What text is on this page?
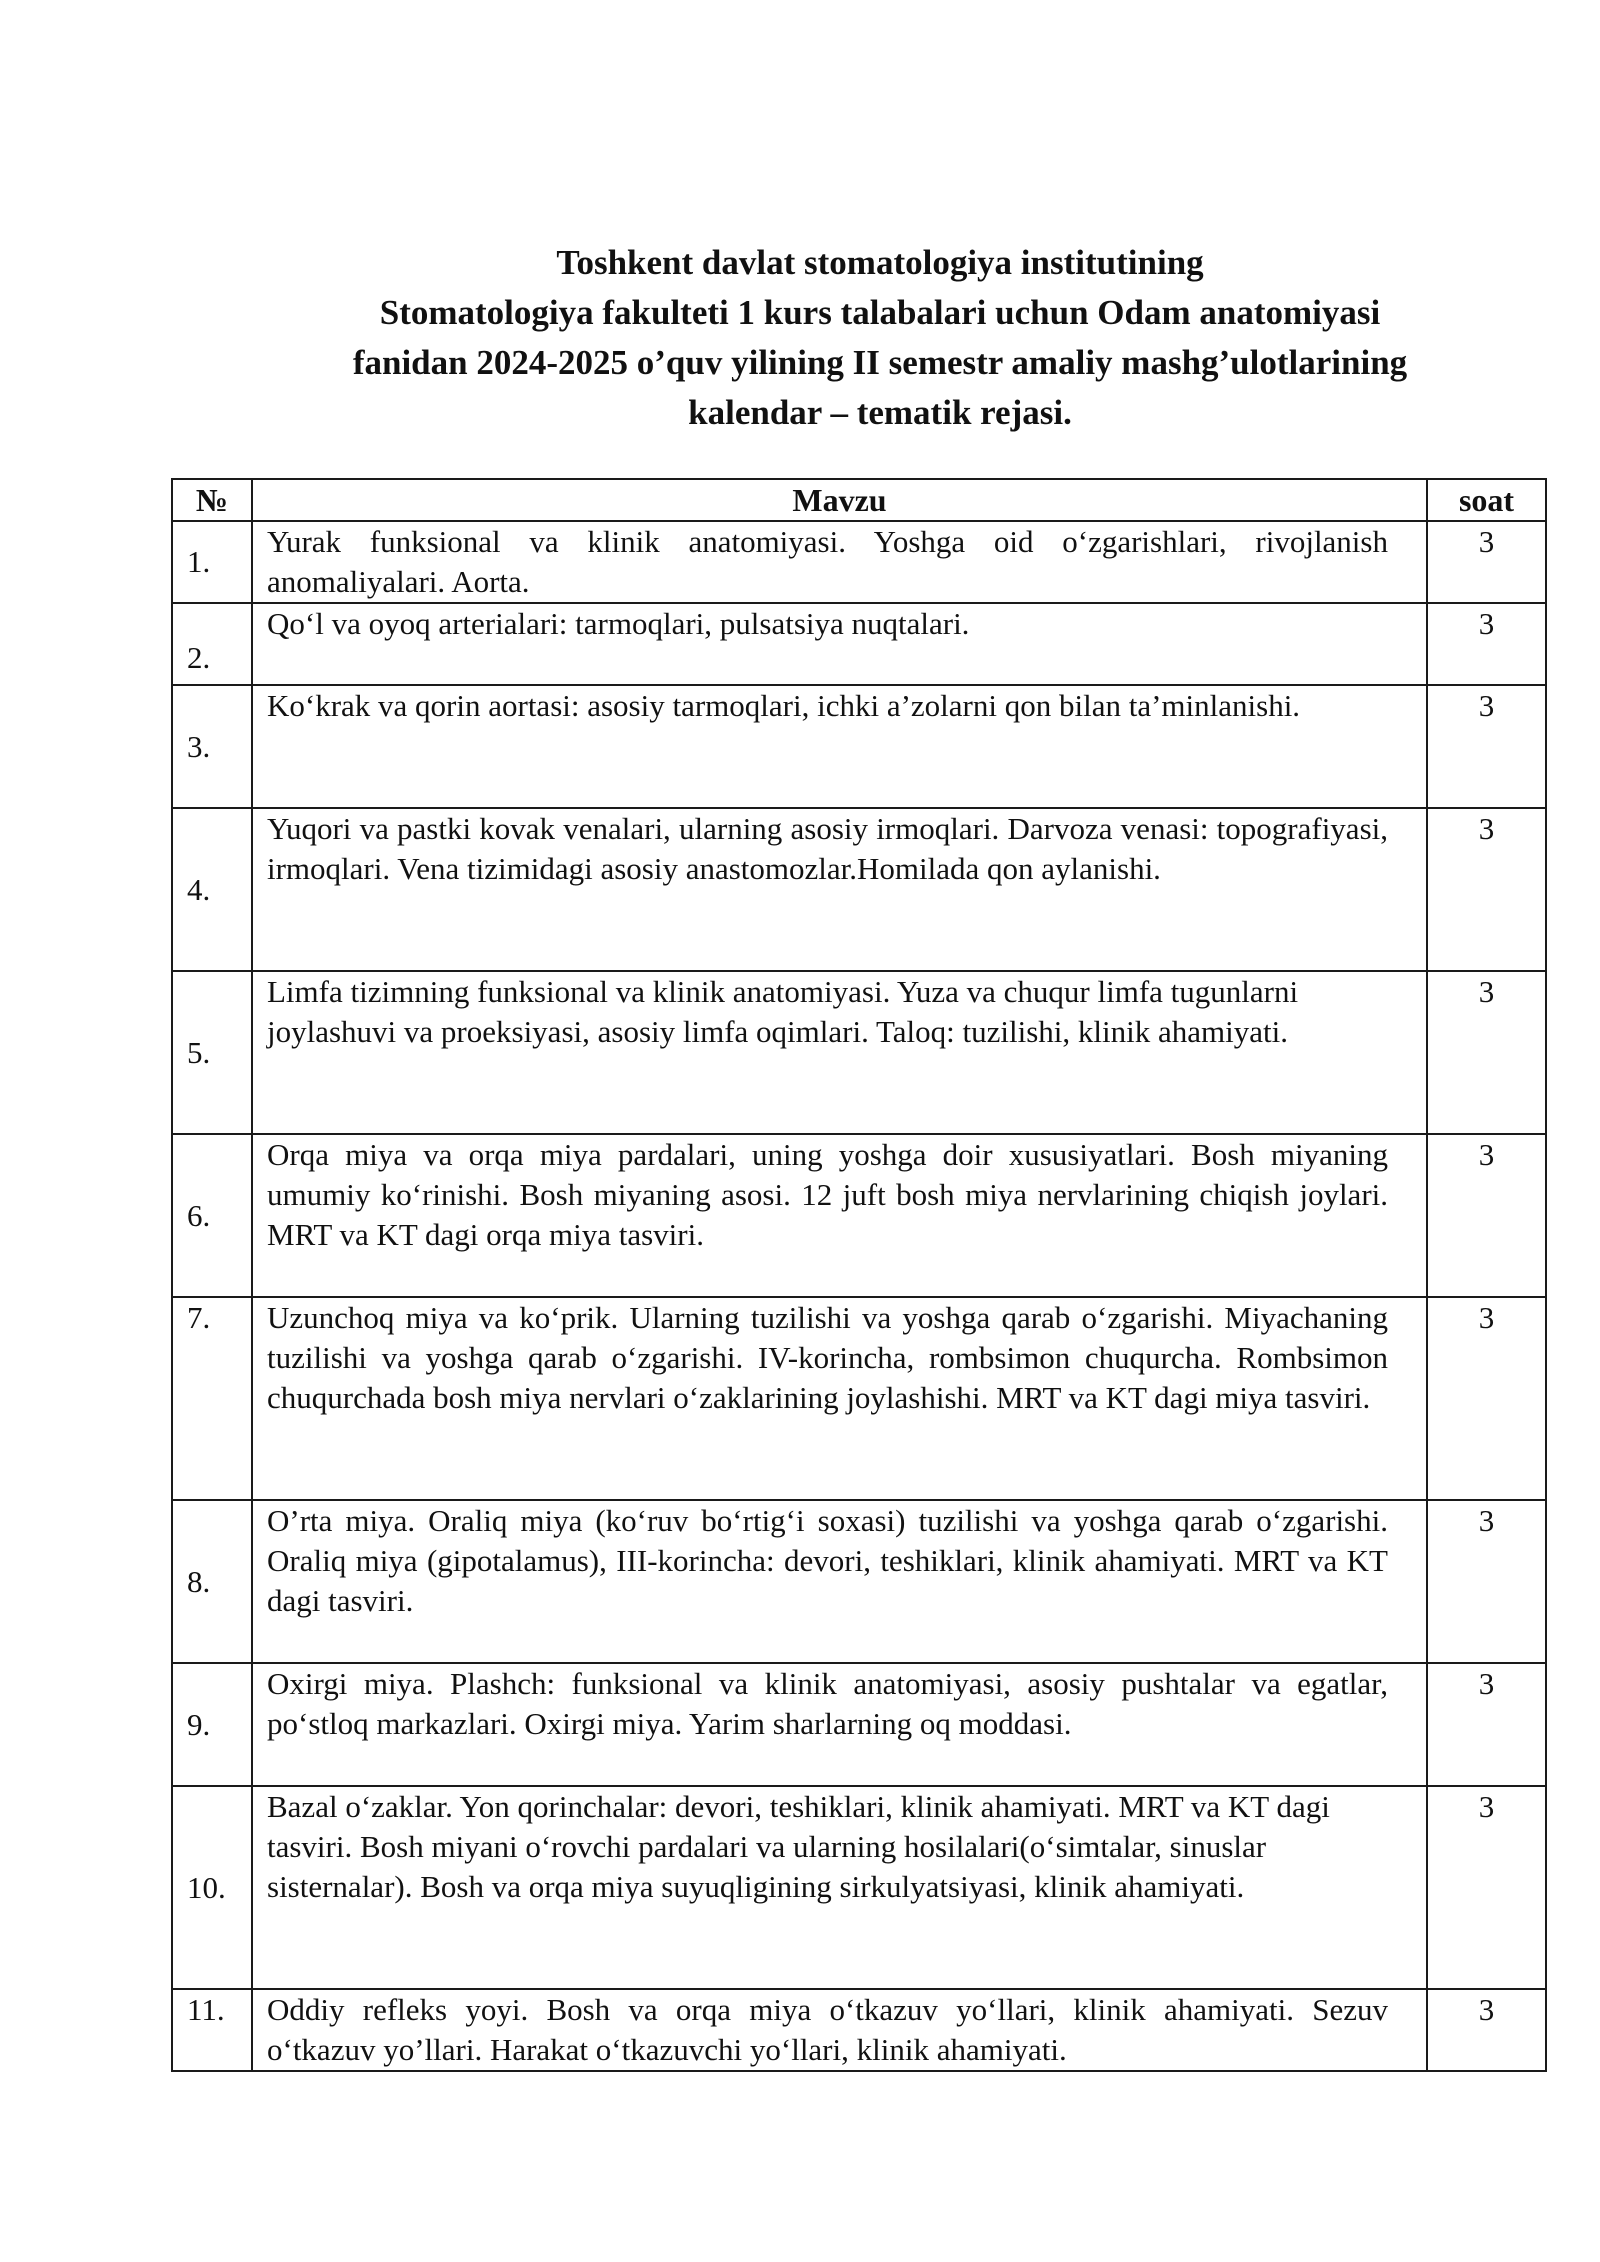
Toshkent davlat stomatologiya institutining
Stomatologiya fakulteti 1 kurs talabalari uchun Odam anatomiyasi
fanidan 2024-2025 o’quv yilining II semestr amaliy mashg’ulotlarining
kalendar – tematik rejasi.
№	Mavzu	soat
1.	Yurak funksional va klinik anatomiyasi. Yoshga oid oʻzgarishlari, rivojlanish anomaliyalari. Aorta.	3
2.	Qoʻl va oyoq arterialari: tarmoqlari, pulsatsiya nuqtalari.	3
3.	Koʻkrak va qorin aortasi: asosiy tarmoqlari, ichki a’zolarni qon bilan ta’minlanishi.	3
4.	Yuqori va pastki kovak venalari, ularning asosiy irmoqlari. Darvoza venasi: topografiyasi, irmoqlari. Vena tizimidagi asosiy anastomozlar.Homilada qon aylanishi.	3
5.	Limfa tizimning funksional va klinik anatomiyasi. Yuza va chuqur limfa tugunlarni joylashuvi va proeksiyasi, asosiy limfa oqimlari. Taloq: tuzilishi, klinik ahamiyati.	3
6.	Orqa miya va orqa miya pardalari, uning yoshga doir xususiyatlari. Bosh miyaning umumiy koʻrinishi. Bosh miyaning asosi. 12 juft bosh miya nervlarining chiqish joylari. MRT va KT dagi orqa miya tasviri.	3
7.	Uzunchoq miya va koʻprik. Ularning tuzilishi va yoshga qarab oʻzgarishi. Miyachaning tuzilishi va yoshga qarab oʻzgarishi. IV-korincha, rombsimon chuqurcha. Rombsimon chuqurchada bosh miya nervlari oʻzaklarining joylashishi. MRT va KT dagi miya tasviri.	3
8.	O’rta miya. Oraliq miya (koʻruv boʻrtigʻi soxasi) tuzilishi va yoshga qarab oʻzgarishi. Oraliq miya (gipotalamus), III-korincha: devori, teshiklari, klinik ahamiyati. MRT va KT dagi tasviri.	3
9.	Oxirgi miya. Plashch: funksional va klinik anatomiyasi, asosiy pushtalar va egatlar, poʻstloq markazlari. Oxirgi miya. Yarim sharlarning oq moddasi.	3
10.	Bazal oʻzaklar. Yon qorinchalar: devori, teshiklari, klinik ahamiyati. MRT va KT dagi tasviri. Bosh miyani oʻrovchi pardalari va ularning hosilalari(oʻsimtalar, sinuslar sisternalar). Bosh va orqa miya suyuqligining sirkulyatsiyasi, klinik ahamiyati.	3
11.	Oddiy refleks yoyi. Bosh va orqa miya oʻtkazuv yoʻllari, klinik ahamiyati. Sezuv oʻtkazuv yo’llari. Harakat oʻtkazuvchi yoʻllari, klinik ahamiyati.	3
